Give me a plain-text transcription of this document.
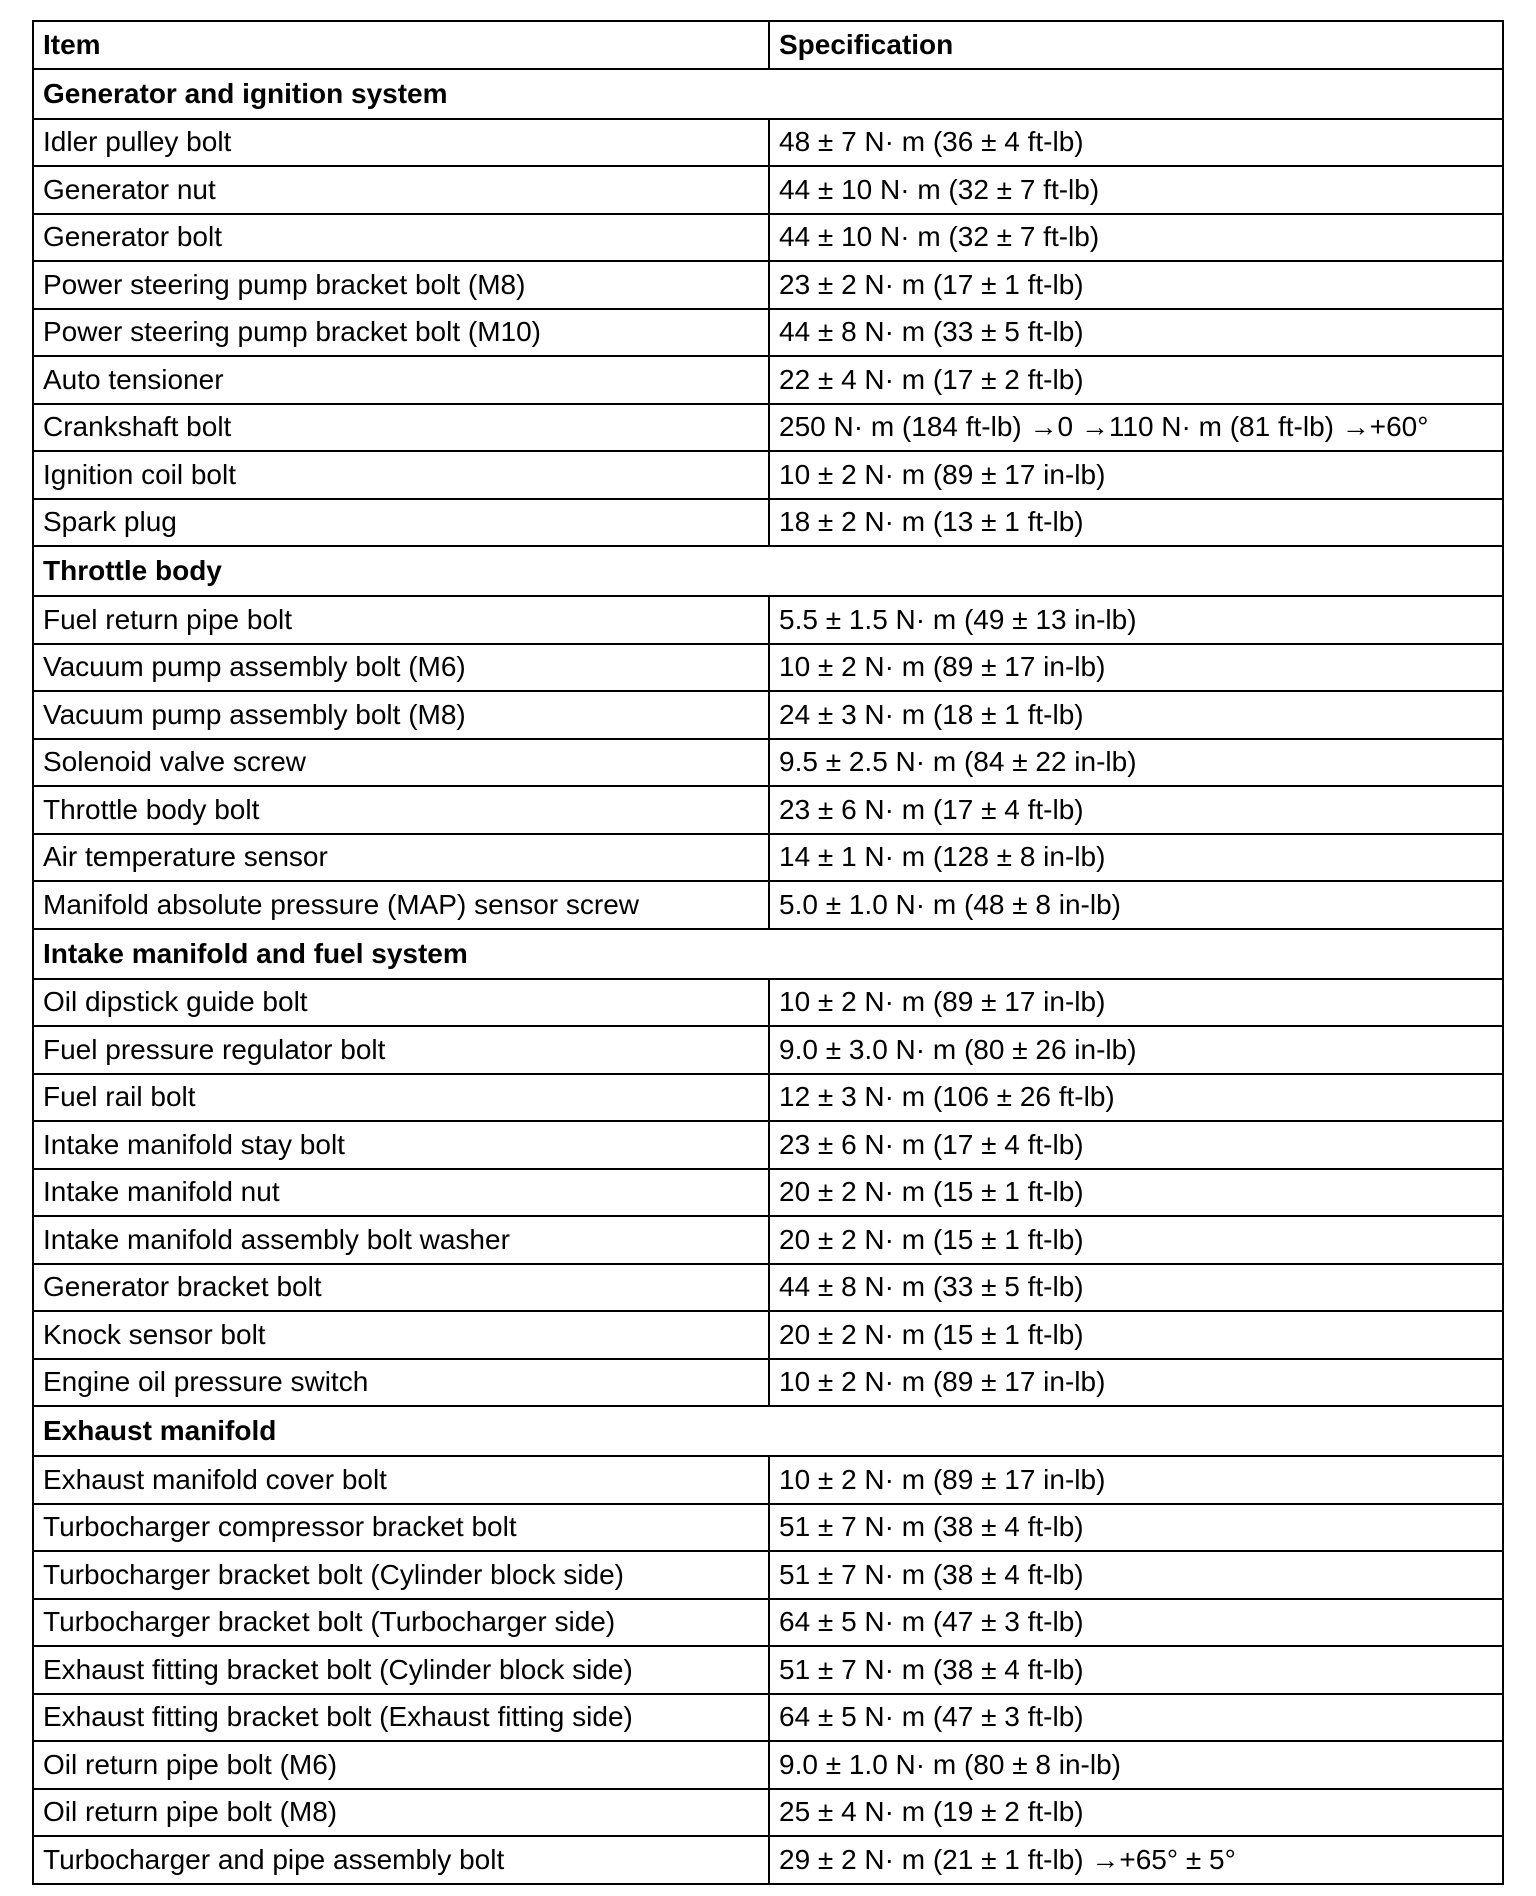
Item	Specification
Generator and ignition system	
Idler pulley bolt	48 ± 7 N· m (36 ± 4 ft-lb)
Generator nut	44 ± 10 N· m (32 ± 7 ft-lb)
Generator bolt	44 ± 10 N· m (32 ± 7 ft-lb)
Power steering pump bracket bolt (M8)	23 ± 2 N· m (17 ± 1 ft-lb)
Power steering pump bracket bolt (M10)	44 ± 8 N· m (33 ± 5 ft-lb)
Auto tensioner	22 ± 4 N· m (17 ± 2 ft-lb)
Crankshaft bolt	250 N· m (184 ft-lb) →0 →110 N· m (81 ft-lb) →+60°
Ignition coil bolt	10 ± 2 N· m (89 ± 17 in-lb)
Spark plug	18 ± 2 N· m (13 ± 1 ft-lb)
Throttle body	
Fuel return pipe bolt	5.5 ± 1.5 N· m (49 ± 13 in-lb)
Vacuum pump assembly bolt (M6)	10 ± 2 N· m (89 ± 17 in-lb)
Vacuum pump assembly bolt (M8)	24 ± 3 N· m (18 ± 1 ft-lb)
Solenoid valve screw	9.5 ± 2.5 N· m (84 ± 22 in-lb)
Throttle body bolt	23 ± 6 N· m (17 ± 4 ft-lb)
Air temperature sensor	14 ± 1 N· m (128 ± 8 in-lb)
Manifold absolute pressure (MAP) sensor screw	5.0 ± 1.0 N· m (48 ± 8 in-lb)
Intake manifold and fuel system	
Oil dipstick guide bolt	10 ± 2 N· m (89 ± 17 in-lb)
Fuel pressure regulator bolt	9.0 ± 3.0 N· m (80 ± 26 in-lb)
Fuel rail bolt	12 ± 3 N· m (106 ± 26 ft-lb)
Intake manifold stay bolt	23 ± 6 N· m (17 ± 4 ft-lb)
Intake manifold nut	20 ± 2 N· m (15 ± 1 ft-lb)
Intake manifold assembly bolt washer	20 ± 2 N· m (15 ± 1 ft-lb)
Generator bracket bolt	44 ± 8 N· m (33 ± 5 ft-lb)
Knock sensor bolt	20 ± 2 N· m (15 ± 1 ft-lb)
Engine oil pressure switch	10 ± 2 N· m (89 ± 17 in-lb)
Exhaust manifold	
Exhaust manifold cover bolt	10 ± 2 N· m (89 ± 17 in-lb)
Turbocharger compressor bracket bolt	51 ± 7 N· m (38 ± 4 ft-lb)
Turbocharger bracket bolt (Cylinder block side)	51 ± 7 N· m (38 ± 4 ft-lb)
Turbocharger bracket bolt (Turbocharger side)	64 ± 5 N· m (47 ± 3 ft-lb)
Exhaust fitting bracket bolt (Cylinder block side)	51 ± 7 N· m (38 ± 4 ft-lb)
Exhaust fitting bracket bolt (Exhaust fitting side)	64 ± 5 N· m (47 ± 3 ft-lb)
Oil return pipe bolt (M6)	9.0 ± 1.0 N· m (80 ± 8 in-lb)
Oil return pipe bolt (M8)	25 ± 4 N· m (19 ± 2 ft-lb)
Turbocharger and pipe assembly bolt	29 ± 2 N· m (21 ± 1 ft-lb) →+65° ± 5°
